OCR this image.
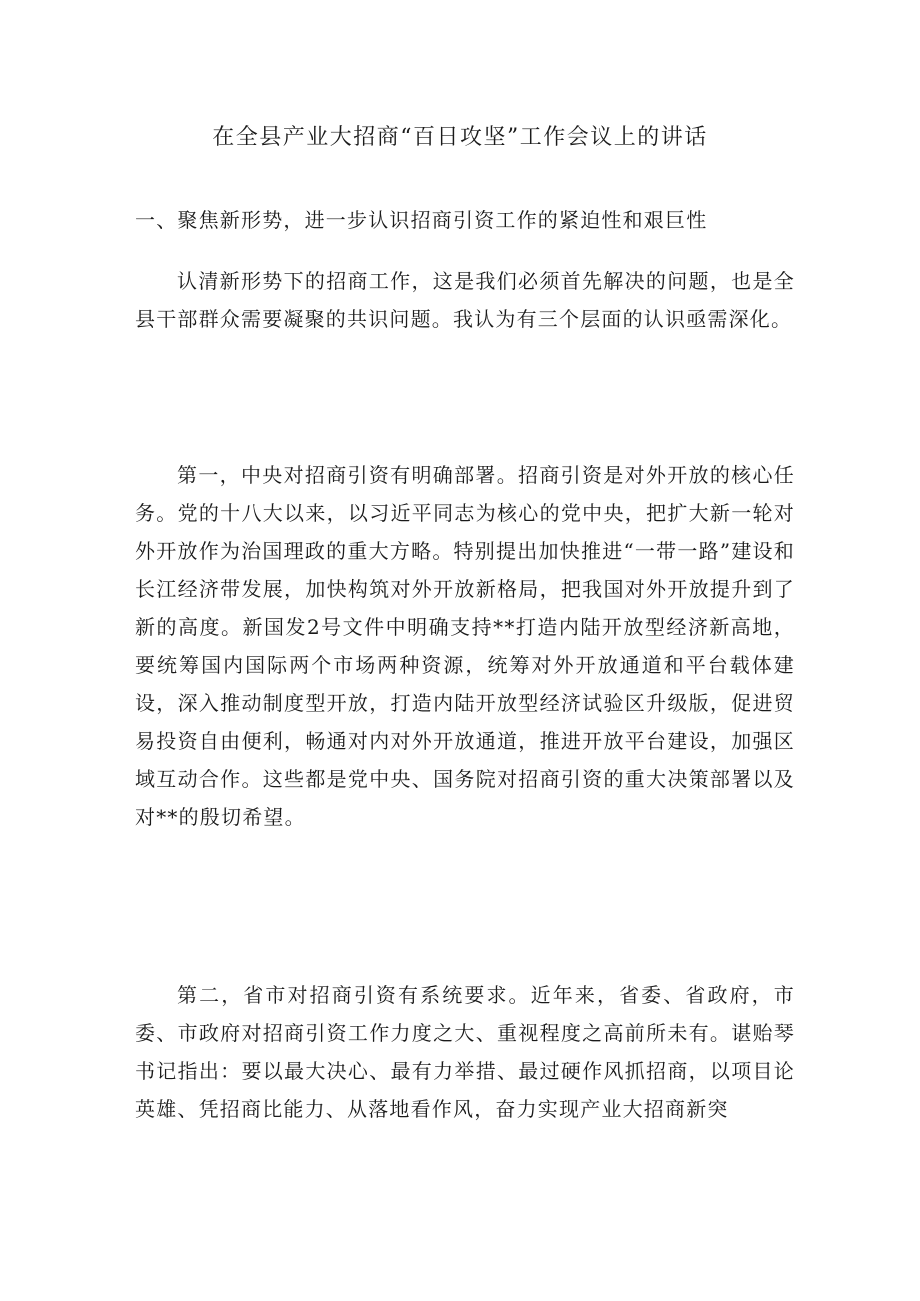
在全县产业大招商“百日攻坚”工作会议上的讲话
一、聚焦新形势，进一步认识招商引资工作的紧迫性和艰巨性

认清新形势下的招商工作，这是我们必须首先解决的问题，也是全县干部群众需要凝聚的共识问题。我认为有三个层面的认识亟需深化。

第一，中央对招商引资有明确部署。招商引资是对外开放的核心任务。党的十八大以来，以习近平同志为核心的党中央，把扩大新一轮对外开放作为治国理政的重大方略。特别提出加快推进“一带一路”建设和长江经济带发展，加快构筑对外开放新格局，把我国对外开放提升到了新的高度。新国发2号文件中明确支持**打造内陆开放型经济新高地，要统筹国内国际两个市场两种资源，统筹对外开放通道和平台载体建设，深入推动制度型开放，打造内陆开放型经济试验区升级版，促进贸易投资自由便利，畅通对内对外开放通道，推进开放平台建设，加强区域互动合作。这些都是党中央、国务院对招商引资的重大决策部署以及对**的殷切希望。

第二，省市对招商引资有系统要求。近年来，省委、省政府，市委、市政府对招商引资工作力度之大、重视程度之高前所未有。谌贻琴书记指出：要以最大决心、最有力举措、最过硬作风抓招商，以项目论英雄、凭招商比能力、从落地看作风，奋力实现产业大招商新突
